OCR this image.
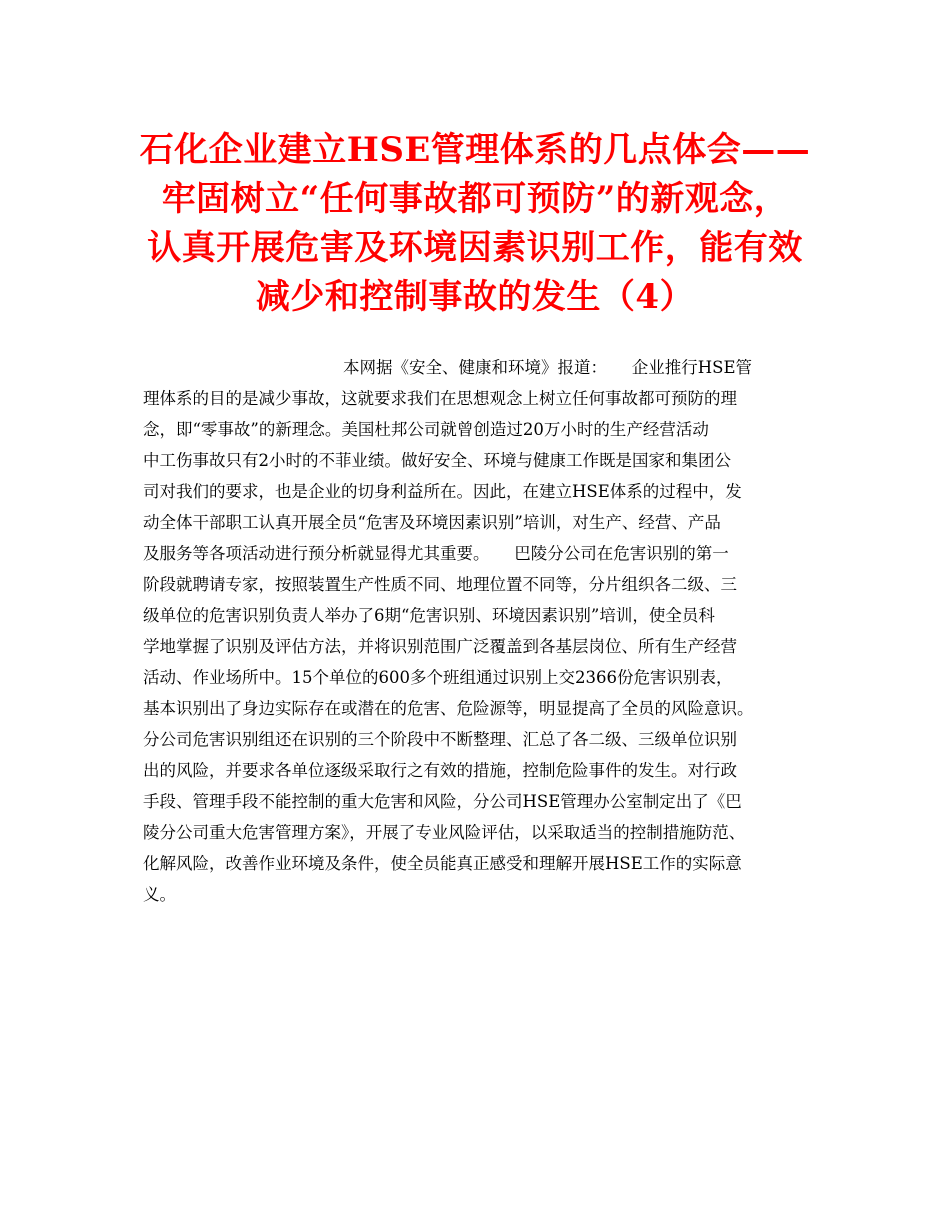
石化企业建立HSE管理体系的几点体会——
牢固树立“任何事故都可预防”的新观念，
认真开展危害及环境因素识别工作，能有效
减少和控制事故的发生（4）
本网据《安全、健康和环境》报道：　　企业推行HSE管
理体系的目的是减少事故，这就要求我们在思想观念上树立任何事故都可预防的理
念，即“零事故”的新理念。美国杜邦公司就曾创造过20万小时的生产经营活动
中工伤事故只有2小时的不菲业绩。做好安全、环境与健康工作既是国家和集团公
司对我们的要求，也是企业的切身利益所在。因此，在建立HSE体系的过程中，发
动全体干部职工认真开展全员“危害及环境因素识别”培训，对生产、经营、产品
及服务等各项活动进行预分析就显得尤其重要。　　巴陵分公司在危害识别的第一
阶段就聘请专家，按照装置生产性质不同、地理位置不同等，分片组织各二级、三
级单位的危害识别负责人举办了6期“危害识别、环境因素识别”培训，使全员科
学地掌握了识别及评估方法，并将识别范围广泛覆盖到各基层岗位、所有生产经营
活动、作业场所中。15个单位的600多个班组通过识别上交2366份危害识别表，
基本识别出了身边实际存在或潜在的危害、危险源等，明显提高了全员的风险意识。
分公司危害识别组还在识别的三个阶段中不断整理、汇总了各二级、三级单位识别
出的风险，并要求各单位逐级采取行之有效的措施，控制危险事件的发生。对行政
手段、管理手段不能控制的重大危害和风险，分公司HSE管理办公室制定出了《巴
陵分公司重大危害管理方案》，开展了专业风险评估，以采取适当的控制措施防范、
化解风险，改善作业环境及条件，使全员能真正感受和理解开展HSE工作的实际意
义。
